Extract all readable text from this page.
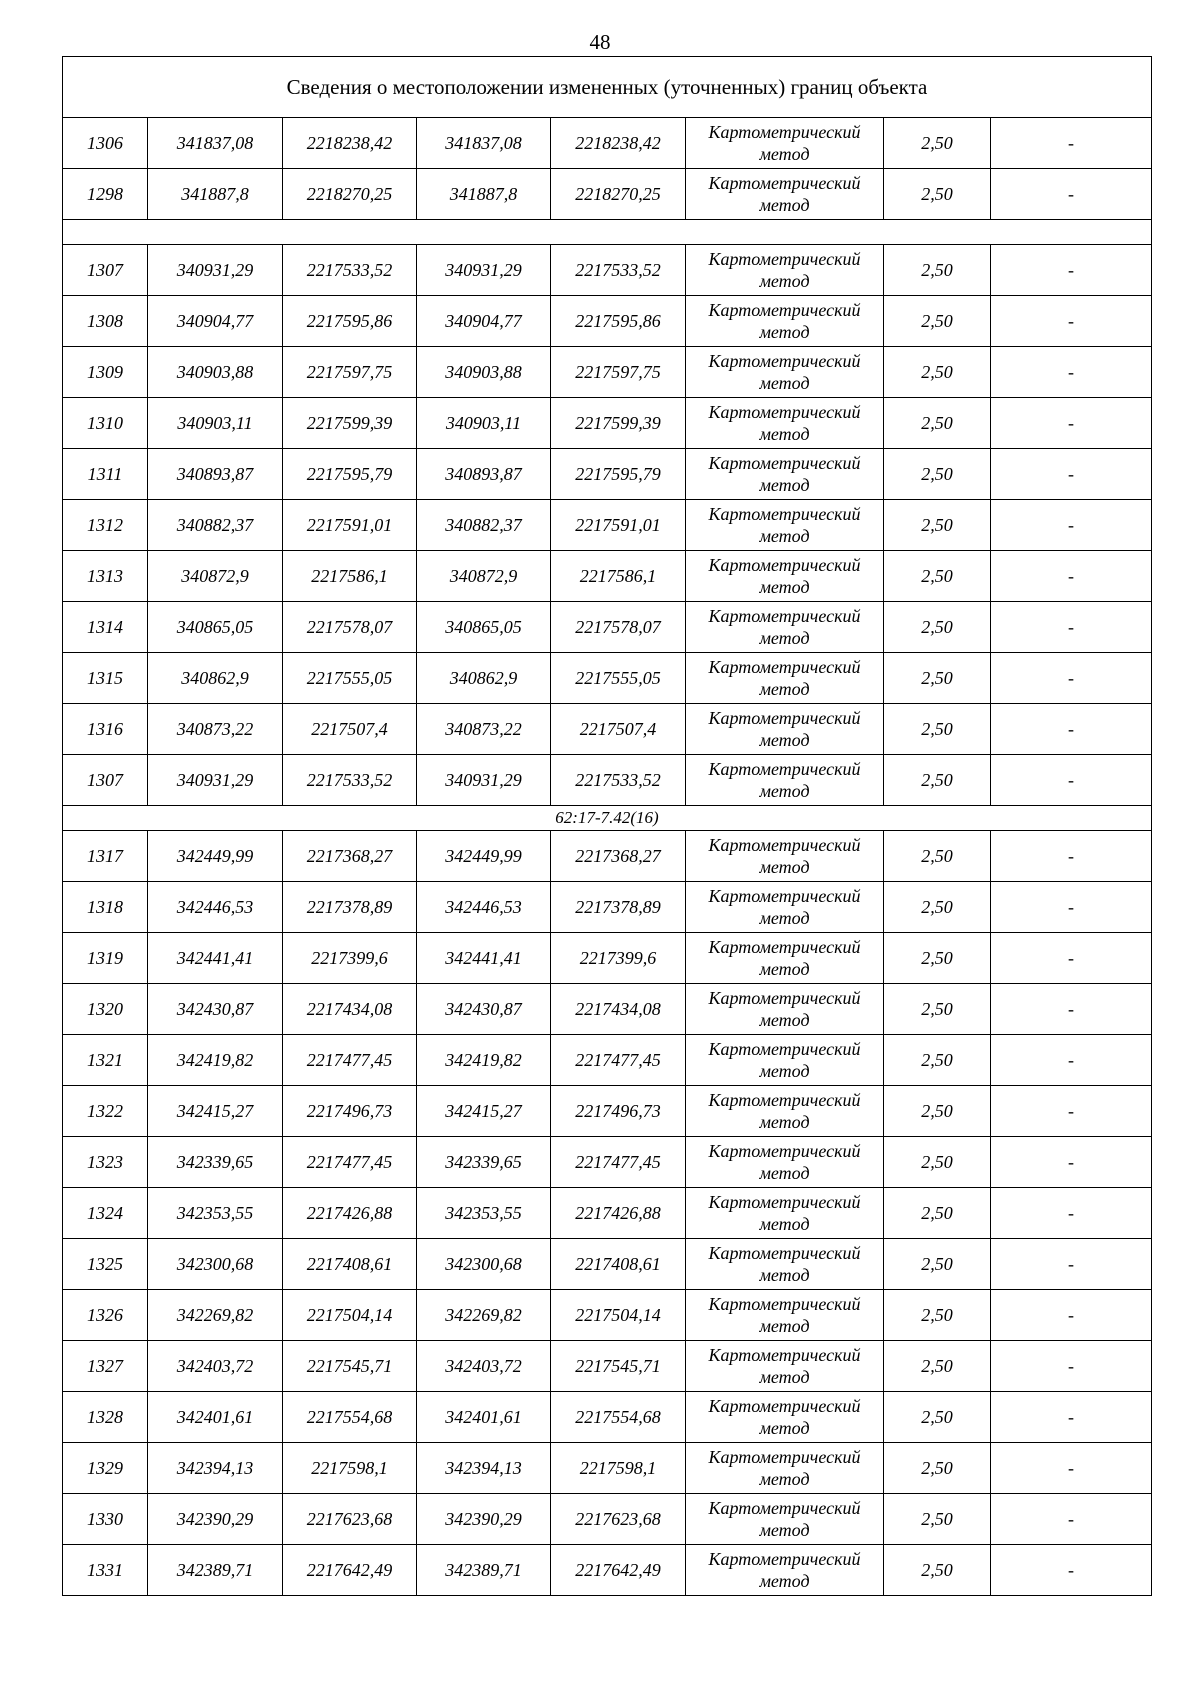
48
Сведения о местоположении измененных (уточненных) границ объекта							
1306	341837,08	2218238,42	341837,08	2218238,42	Картометрический
метод	2,50	-
1298	341887,8	2218270,25	341887,8	2218270,25	Картометрический
метод	2,50	-

1307	340931,29	2217533,52	340931,29	2217533,52	Картометрический
метод	2,50	-
1308	340904,77	2217595,86	340904,77	2217595,86	Картометрический
метод	2,50	-
1309	340903,88	2217597,75	340903,88	2217597,75	Картометрический
метод	2,50	-
1310	340903,11	2217599,39	340903,11	2217599,39	Картометрический
метод	2,50	-
1311	340893,87	2217595,79	340893,87	2217595,79	Картометрический
метод	2,50	-
1312	340882,37	2217591,01	340882,37	2217591,01	Картометрический
метод	2,50	-
1313	340872,9	2217586,1	340872,9	2217586,1	Картометрический
метод	2,50	-
1314	340865,05	2217578,07	340865,05	2217578,07	Картометрический
метод	2,50	-
1315	340862,9	2217555,05	340862,9	2217555,05	Картометрический
метод	2,50	-
1316	340873,22	2217507,4	340873,22	2217507,4	Картометрический
метод	2,50	-
1307	340931,29	2217533,52	340931,29	2217533,52	Картометрический
метод	2,50	-
62:17-7.42(16)							
1317	342449,99	2217368,27	342449,99	2217368,27	Картометрический
метод	2,50	-
1318	342446,53	2217378,89	342446,53	2217378,89	Картометрический
метод	2,50	-
1319	342441,41	2217399,6	342441,41	2217399,6	Картометрический
метод	2,50	-
1320	342430,87	2217434,08	342430,87	2217434,08	Картометрический
метод	2,50	-
1321	342419,82	2217477,45	342419,82	2217477,45	Картометрический
метод	2,50	-
1322	342415,27	2217496,73	342415,27	2217496,73	Картометрический
метод	2,50	-
1323	342339,65	2217477,45	342339,65	2217477,45	Картометрический
метод	2,50	-
1324	342353,55	2217426,88	342353,55	2217426,88	Картометрический
метод	2,50	-
1325	342300,68	2217408,61	342300,68	2217408,61	Картометрический
метод	2,50	-
1326	342269,82	2217504,14	342269,82	2217504,14	Картометрический
метод	2,50	-
1327	342403,72	2217545,71	342403,72	2217545,71	Картометрический
метод	2,50	-
1328	342401,61	2217554,68	342401,61	2217554,68	Картометрический
метод	2,50	-
1329	342394,13	2217598,1	342394,13	2217598,1	Картометрический
метод	2,50	-
1330	342390,29	2217623,68	342390,29	2217623,68	Картометрический
метод	2,50	-
1331	342389,71	2217642,49	342389,71	2217642,49	Картометрический
метод	2,50	-
